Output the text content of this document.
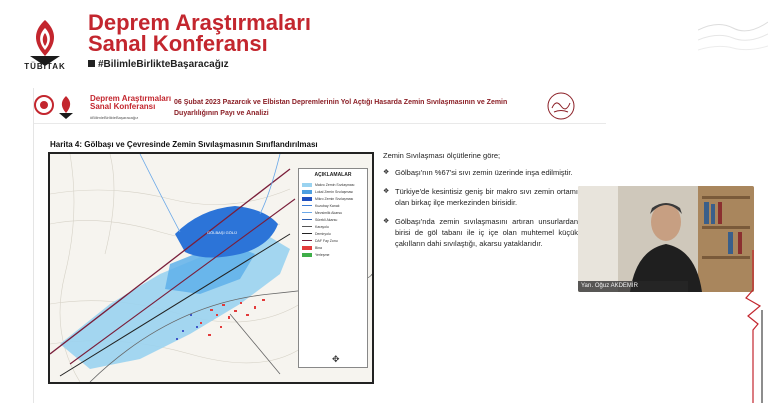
TÜBİTAK
Deprem Araştırmaları
Sanal Konferansı
#BilimleBirlikteBaşaracağız
Deprem Araştırmaları
Sanal Konferansı
#BilimleBirlikteBaşaracağız
06 Şubat 2023 Pazarcık ve Elbistan Depremlerinin Yol Açtığı Hasarda Zemin Sıvılaşmasının ve Zemin Duyarlılığının Payı ve Analizi
Harita 4: Gölbaşı ve Çevresinde Zemin Sıvılaşmasının Sınıflandırılması
GÖLBAŞI GÖLÜ
AÇIKLAMALAR
Makro Zemin Sıvılaşması
Lokal Zemin Sıvılaşması
Mikro Zemin Sıvılaşması
Kuzubay Kanalı
Mevsimlik Akarsu
Sürekli Akarsu
Karayolu
Demiryolu
DAF Fay Zonu
Bina
Yerleşme
✥
Zemin Sıvılaşması ölçütlerine göre;
❖ Gölbaşı'nın %67'si sıvı zemin üzerinde inşa edilmiştir.
❖ Türkiye'de kesintisiz geniş bir makro sıvı zemin ortamı olan birkaç ilçe merkezinden birisidir.
❖ Gölbaşı'nda zemin sıvılaşmasını artıran unsurlardan birisi de göl tabanı ile iç içe olan muhtemel küçük çakılların dahi sıvılaştığı, akarsu yataklarıdır.
Yarı. Oğuz AKDEMİR
